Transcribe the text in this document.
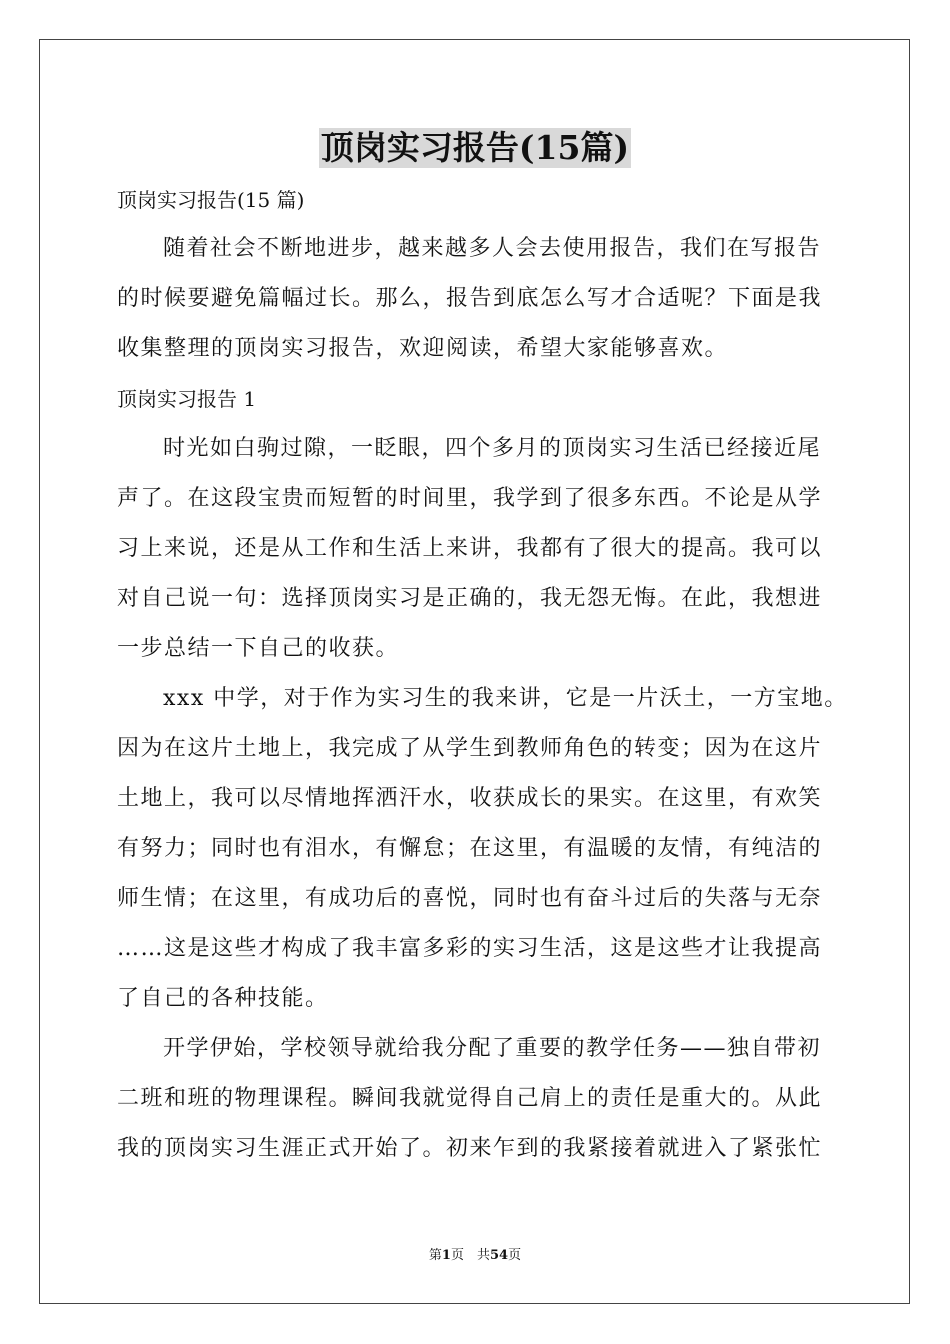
顶岗实习报告(15篇)
顶岗实习报告(15 篇)
随着社会不断地进步，越来越多人会去使用报告，我们在写报告
的时候要避免篇幅过长。那么，报告到底怎么写才合适呢？下面是我
收集整理的顶岗实习报告，欢迎阅读，希望大家能够喜欢。
顶岗实习报告 1
时光如白驹过隙，一眨眼，四个多月的顶岗实习生活已经接近尾
声了。在这段宝贵而短暂的时间里，我学到了很多东西。不论是从学
习上来说，还是从工作和生活上来讲，我都有了很大的提高。我可以
对自己说一句：选择顶岗实习是正确的，我无怨无悔。在此，我想进
一步总结一下自己的收获。
xxx 中学，对于作为实习生的我来讲，它是一片沃土，一方宝地。
因为在这片土地上，我完成了从学生到教师角色的转变；因为在这片
土地上，我可以尽情地挥洒汗水，收获成长的果实。在这里，有欢笑
有努力；同时也有泪水，有懈怠；在这里，有温暖的友情，有纯洁的
师生情；在这里，有成功后的喜悦，同时也有奋斗过后的失落与无奈
……这是这些才构成了我丰富多彩的实习生活，这是这些才让我提高
了自己的各种技能。
开学伊始，学校领导就给我分配了重要的教学任务——独自带初
二班和班的物理课程。瞬间我就觉得自己肩上的责任是重大的。从此
我的顶岗实习生涯正式开始了。初来乍到的我紧接着就进入了紧张忙
第1页　共54页
